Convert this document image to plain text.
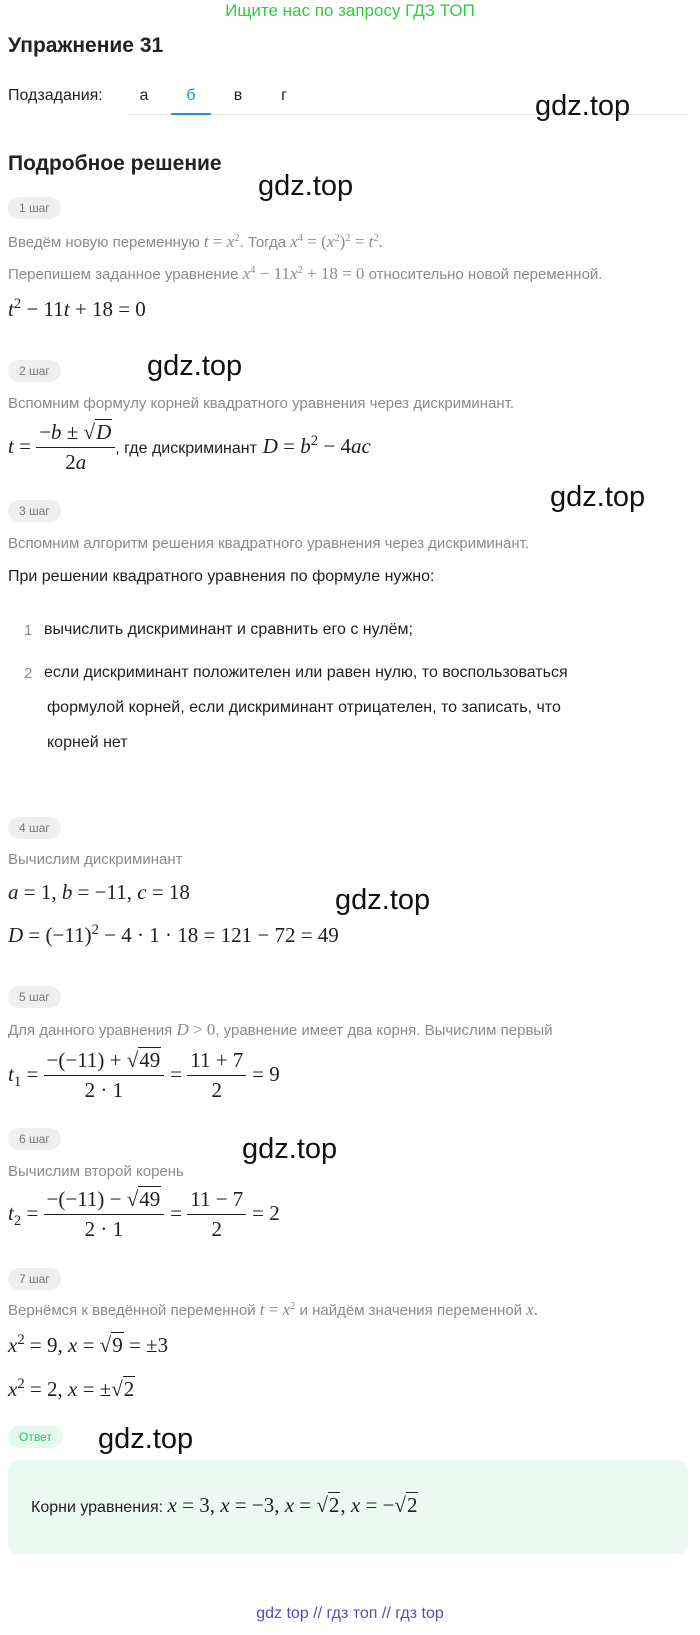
Ищите нас по запросу ГДЗ ТОП
Упражнение 31
Подзадания:	а	б	в	г	gdz.top
gdz.top
gdz.top
gdz.top
gdz.top
gdz.top
gdz.top
Подробное решение
1 шаг
Введём новую переменную $t = x^2$. Тогда $x^4 = (x^2)^2 = t^2$.
Перепишем заданное уравнение $x^4 - 11x^2 + 18 = 0$ относительно новой переменной.
$t^2 - 11t + 18 = 0$
2 шаг
Вспомним формулу корней квадратного уравнения через дискриминант.
$t = \frac{-b \pm √D}{2a}$ , где дискриминант $D = b^2 - 4ac$
3 шаг
Вспомним алгоритм решения квадратного уравнения через дискриминант.
При решении квадратного уравнения по формуле нужно:
1 вычислить дискриминант и сравнить его с нулём;
2 если дискриминант положителен или равен нулю, то воспользоваться
формулой корней, если дискриминант отрицателен, то записать, что
корней нет
4 шаг
Вычислим дискриминант
a = 1, b = −11, c = 18
$D = (-11)^2 - 4 \cdot 1 \cdot 18 = 121 - 72 = 49$
5 шаг
Для данного уравнения D > 0, уравнение имеет два корня. Вычислим первый
$t_1 = \frac{-(-11) + √49}{2 \cdot 1} = \frac{11 + 7}{2} = 9$
6 шаг
Вычислим второй корень
$t_2 = \frac{-(-11) - √49}{2 \cdot 1} = \frac{11 - 7}{2} = 2$
7 шаг
Вернёмся к введённой переменной $t = x^2$ и найдём значения переменной x.
$x^2 = 9$, x = √9 = ±3
$x^2 = 2$, x = ±√2
Ответ
Корни уравнения: x = 3, x = −3, x = √2, x = −√2
gdz top // гдз топ // гдз top
